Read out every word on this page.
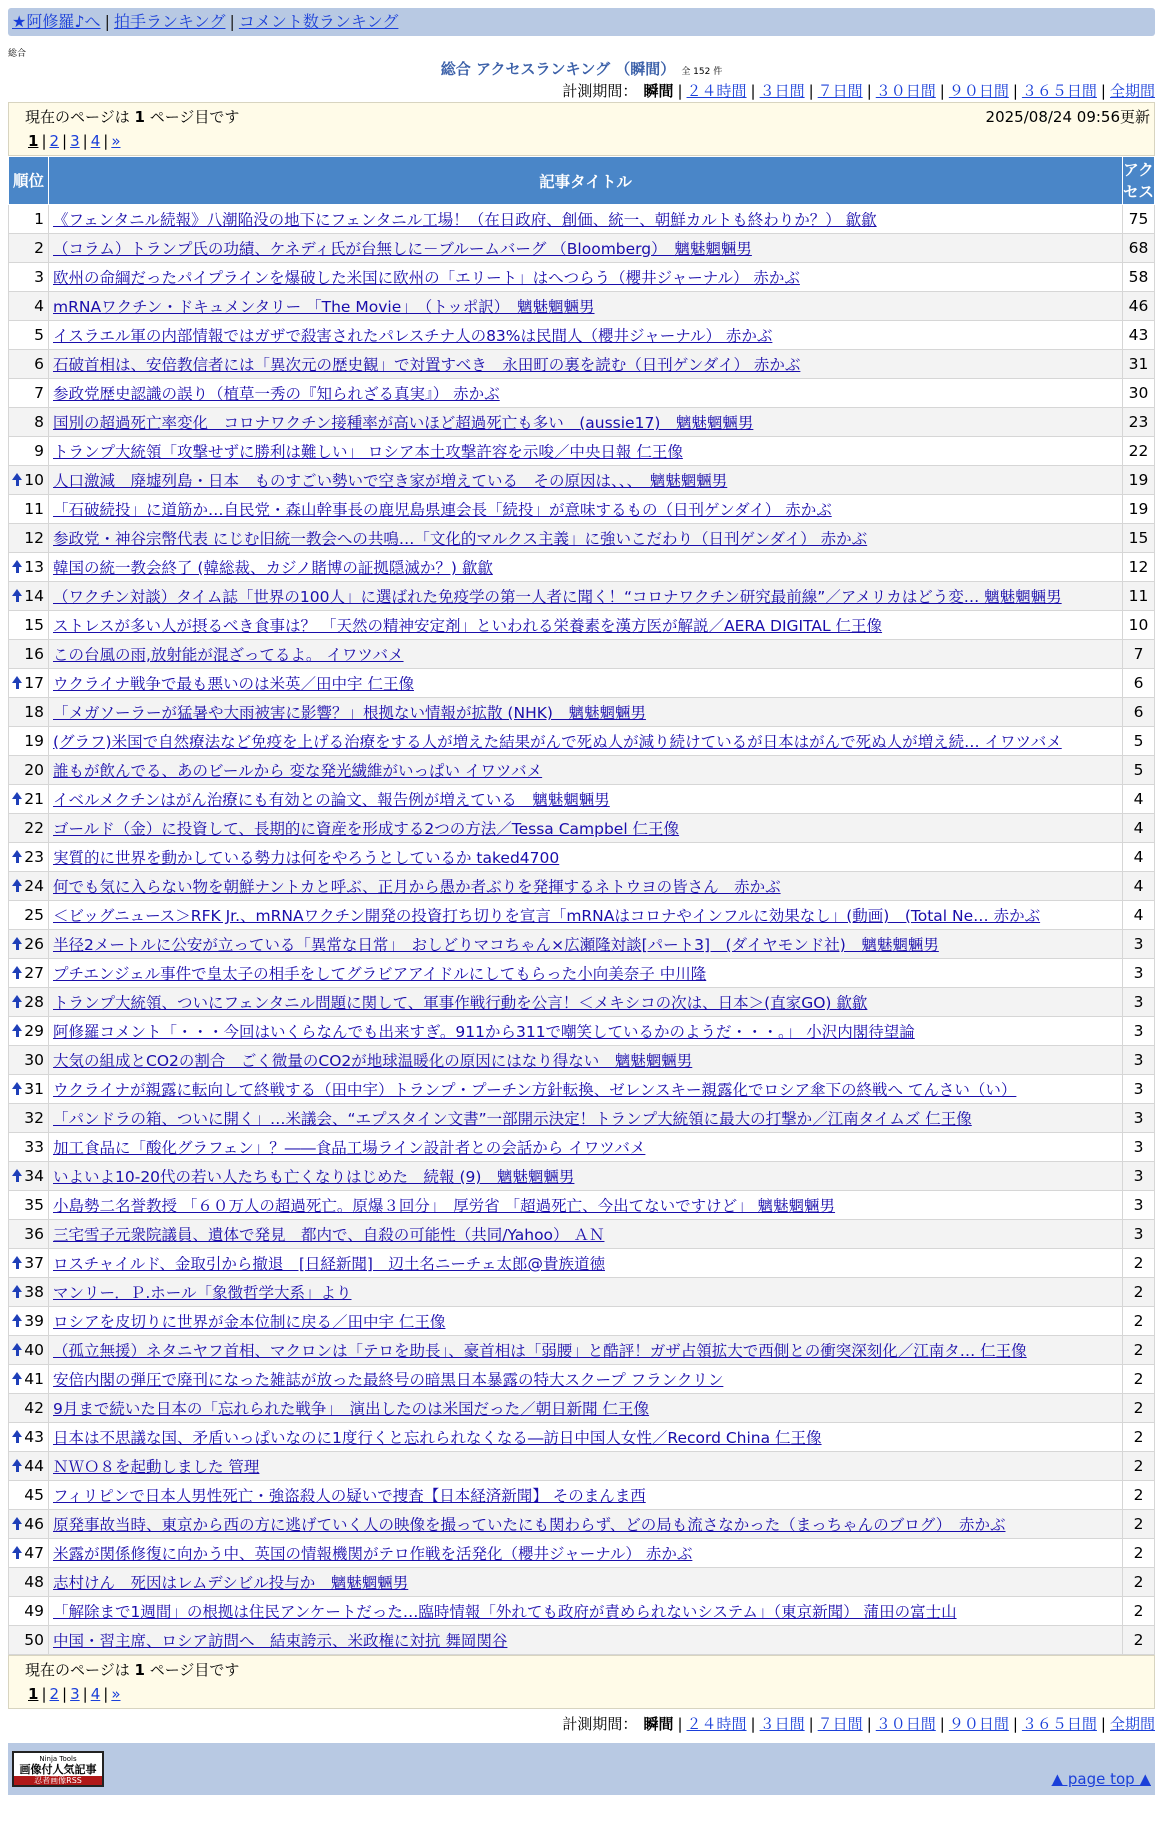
★阿修羅♪へ | 拍手ランキング | コメント数ランキング
総合
総合 アクセスランキング （瞬間） 全 152 件
計測期間： 瞬間 | ２４時間 | ３日間 | ７日間 | ３０日間 | ９０日間 | ３６５日間 | 全期間
現在のページは 1 ページ目です	2025/08/24 09:56更新
1 | 2 | 3 | 4 | »
順位	記事タイトル	アクセス
1	《フェンタニル続報》八潮陥没の地下にフェンタニル工場！（在日政府、創価、統一、朝鮮カルトも終わりか？） 歙歙	75
2	（コラム）トランプ氏の功績、ケネディ氏が台無しに－ブルームバーグ （Bloomberg）　魑魅魍魎男	68
3	欧州の命綱だったパイプラインを爆破した米国に欧州の「エリート」はへつらう（櫻井ジャーナル） 赤かぶ	58
4	mRNAワクチン・ドキュメンタリー 「The Movie」　（トッポ訳）　魑魅魍魎男	46
5	イスラエル軍の内部情報ではガザで殺害されたパレスチナ人の83%は民間人（櫻井ジャーナル） 赤かぶ	43
6	石破首相は、安倍教信者には「異次元の歴史観」で対置すべき　永田町の裏を読む（日刊ゲンダイ） 赤かぶ	31
7	参政党歴史認識の誤り（植草一秀の『知られざる真実』） 赤かぶ	30
8	国別の超過死亡率変化　コロナワクチン接種率が高いほど超過死亡も多い　(aussie17)　魑魅魍魎男	23
9	トランプ大統領「攻撃せずに勝利は難しい」 ロシア本土攻撃許容を示唆／中央日報 仁王像	22

10	人口激減　廃墟列島・日本　ものすごい勢いで空き家が増えている　その原因は、、、　魑魅魍魎男	19
11	「石破続投」に道筋か…自民党・森山幹事長の鹿児島県連会長「続投」が意味するもの（日刊ゲンダイ） 赤かぶ	19
12	参政党・神谷宗幣代表 にじむ旧統一教会への共鳴…「文化的マルクス主義」に強いこだわり（日刊ゲンダイ） 赤かぶ	15

13	韓国の統一教会終了 (韓総裁、カジノ賭博の証拠隠滅か？) 歙歙	12

14	（ワクチン対談）タイム誌「世界の100人」に選ばれた免疫学の第一人者に聞く！“コロナワクチン研究最前線”／アメリカはどう変… 魑魅魍魎男	11
15	ストレスが多い人が摂るべき食事は？ 「天然の精神安定剤」といわれる栄養素を漢方医が解説／AERA DIGITAL 仁王像	10
16	この台風の雨,放射能が混ざってるよ。 イワツバメ	7

17	ウクライナ戦争で最も悪いのは米英／田中宇 仁王像	6
18	「メガソーラーが猛暑や大雨被害に影響？」根拠ない情報が拡散 (NHK)　魑魅魍魎男	6
19	(グラフ)米国で自然療法など免疫を上げる治療をする人が増えた結果がんで死ぬ人が減り続けているが日本はがんで死ぬ人が増え続… イワツバメ	5
20	誰もが飲んでる、あのビールから 変な発光繊維がいっぱい イワツバメ	5

21	イベルメクチンはがん治療にも有効との論文、報告例が増えている　魑魅魍魎男	4
22	ゴールド（金）に投資して、長期的に資産を形成する2つの方法／Tessa Campbel 仁王像	4

23	実質的に世界を動かしている勢力は何をやろうとしているか taked4700	4

24	何でも気に入らない物を朝鮮ナントカと呼ぶ、正月から愚か者ぶりを発揮するネトウヨの皆さん　赤かぶ	4
25	＜ビッグニュース＞RFK Jr.、mRNAワクチン開発の投資打ち切りを宣言「mRNAはコロナやインフルに効果なし」(動画)　(Total Ne… 赤かぶ	4

26	半径2メートルに公安が立っている「異常な日常」　おしどりマコちゃん×広瀬隆対談[パート3]　(ダイヤモンド社)　魑魅魍魎男	3

27	プチエンジェル事件で皇太子の相手をしてグラビアアイドルにしてもらった小向美奈子 中川隆	3

28	トランプ大統領、ついにフェンタニル問題に関して、軍事作戦行動を公言！＜メキシコの次は、日本＞(直家GO) 歙歙	3

29	阿修羅コメント「・・・今回はいくらなんでも出来すぎ。911から311で嘲笑しているかのようだ・・・。」 小沢内閣待望論	3
30	大気の組成とCO2の割合　ごく微量のCO2が地球温暖化の原因にはなり得ない　魑魅魍魎男	3

31	ウクライナが親露に転向して終戦する（田中宇）トランプ・プーチン方針転換、ゼレンスキー親露化でロシア傘下の終戦へ てんさい（い）	3
32	「パンドラの箱、ついに開く」…米議会、“エプスタイン文書”一部開示決定！トランプ大統領に最大の打撃か／江南タイムズ 仁王像	3
33	加工食品に「酸化グラフェン」？――食品工場ライン設計者との会話から イワツバメ	3

34	いよいよ10-20代の若い人たちも亡くなりはじめた　続報 (9)　魑魅魍魎男	3
35	小島勢二名誉教授 「６０万人の超過死亡。原爆３回分」　厚労省 「超過死亡、今出てないですけど」 魑魅魍魎男	3
36	三宅雪子元衆院議員、遺体で発見　都内で、自殺の可能性（共同/Yahoo） ＡＮ	3

37	ロスチャイルド、金取引から撤退　[日経新聞]　辺土名ニーチェ太郎@貴族道徳	2

38	マンリー．Ｐ.ホール「象徴哲学大系」より	2

39	ロシアを皮切りに世界が金本位制に戻る／田中宇 仁王像	2

40	（孤立無援）ネタニヤフ首相、マクロンは「テロを助長」、豪首相は「弱腰」と酷評！ガザ占領拡大で西側との衝突深刻化／江南タ… 仁王像	2

41	安倍内閣の弾圧で廃刊になった雑誌が放った最終号の暗黒日本暴露の特大スクープ フランクリン	2
42	9月まで続いた日本の「忘れられた戦争」　演出したのは米国だった／朝日新聞 仁王像	2

43	日本は不思議な国、矛盾いっぱいなのに1度行くと忘れられなくなる―訪日中国人女性／Record China 仁王像	2

44	ＮＷＯ８を起動しました 管理	2
45	フィリピンで日本人男性死亡・強盗殺人の疑いで捜査【日本経済新聞】 そのまんま西	2

46	原発事故当時、東京から西の方に逃げていく人の映像を撮っていたにも関わらず、どの局も流さなかった（まっちゃんのブログ）　赤かぶ	2

47	米露が関係修復に向かう中、英国の情報機関がテロ作戦を活発化（櫻井ジャーナル） 赤かぶ	2
48	志村けん　死因はレムデシビル投与か　魑魅魍魎男	2
49	「解除まで1週間」の根拠は住民アンケートだった…臨時情報「外れても政府が責められないシステム」（東京新聞） 蒲田の富士山	2
50	中国・習主席、ロシア訪問へ　結束誇示、米政権に対抗 舞岡関谷	2
現在のページは 1 ページ目です
1 | 2 | 3 | 4 | »
計測期間： 瞬間 | ２４時間 | ３日間 | ７日間 | ３０日間 | ９０日間 | ３６５日間 | 全期間
Ninja Tools
画像付人気記事
忍者画像RSS	▲ page top ▲
